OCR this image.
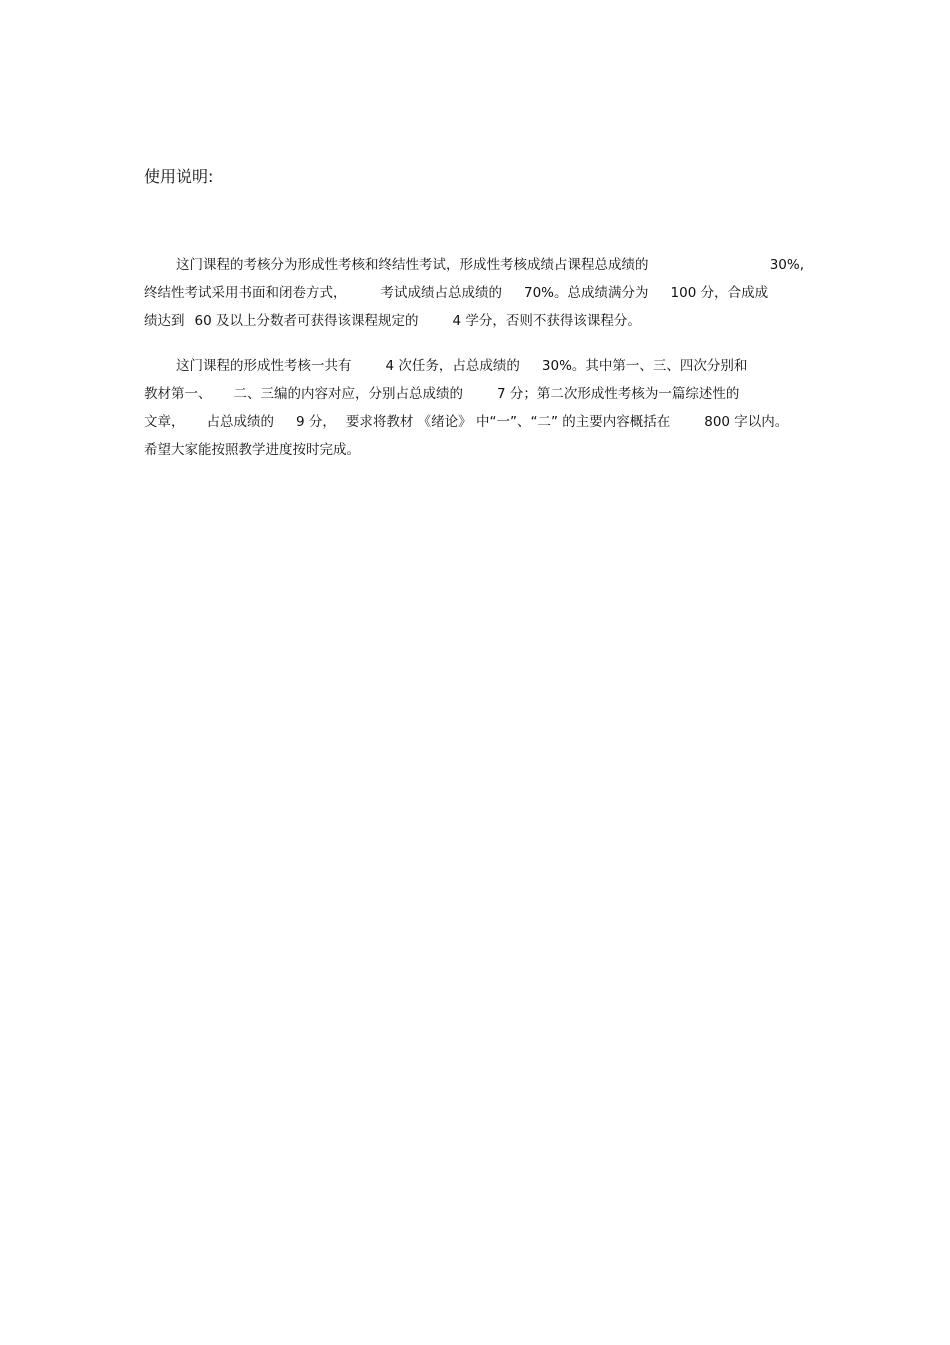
使用说明:
这门课程的考核分为形成性考核和终结性考试，形成性考核成绩占课程总成绩的	30%,
终结性考试采用书面和闭卷方式，	考试成绩占总成绩的 70%。总成绩满分为 100 分，合成成
绩达到 60 及以上分数者可获得该课程规定的	4 学分，否则不获得该课程分。
这门课程的形成性考核一共有	4 次任务，占总成绩的 30%。其中第一、三、四次分别和
教材第一、 二、三编的内容对应，分别占总成绩的	7 分；第二次形成性考核为一篇综述性的
文章， 占总成绩的 9 分， 要求将教材 《绪论》 中“一”、“二” 的主要内容概括在	800 字以内。
希望大家能按照教学进度按时完成。
